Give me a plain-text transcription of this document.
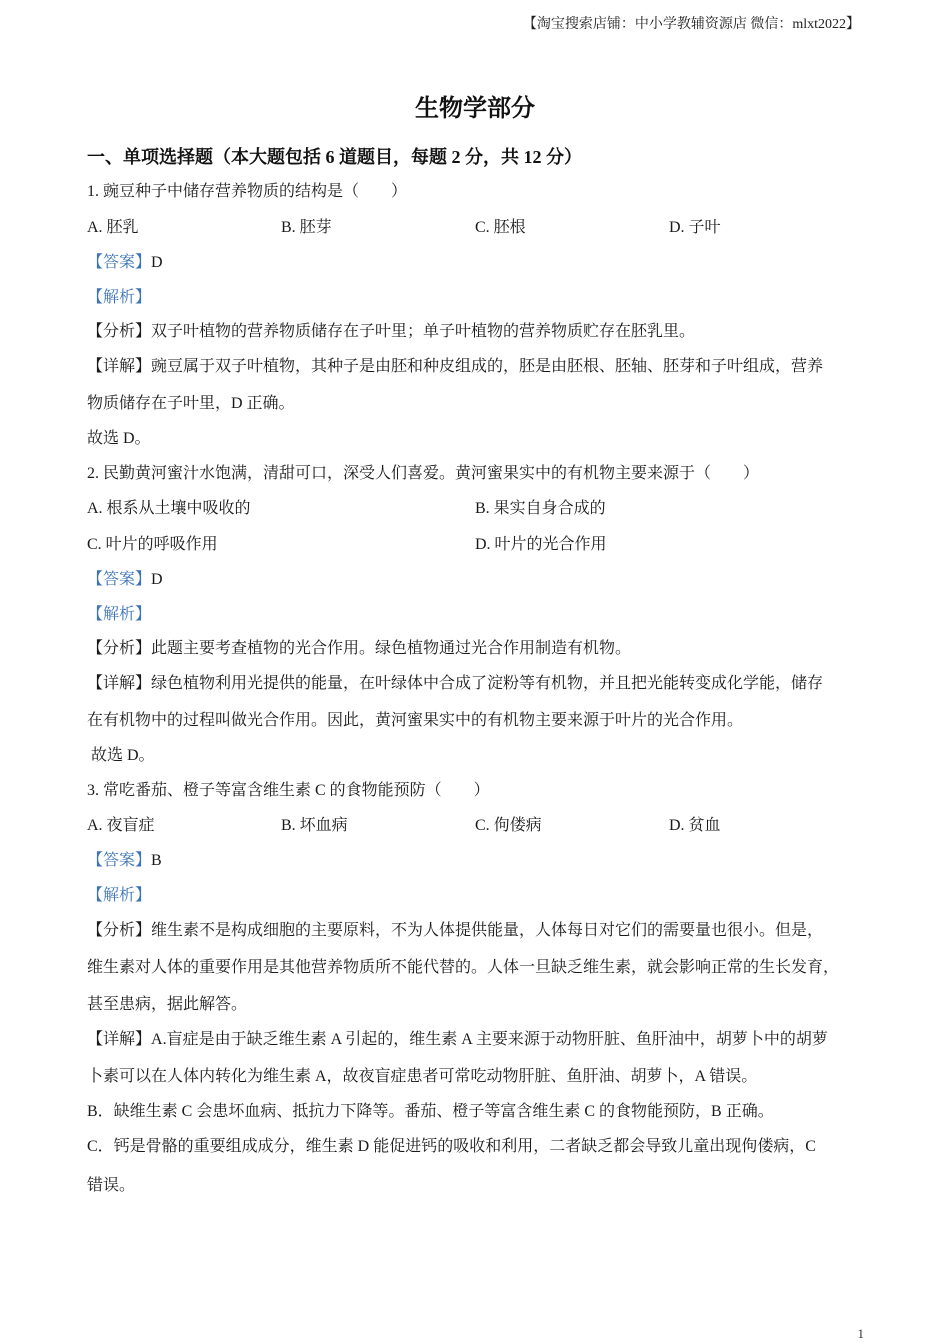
【淘宝搜索店铺：中小学教辅资源店 微信：mlxt2022】
生物学部分
一、单项选择题（本大题包括 6 道题目，每题 2 分，共 12 分）
1. 豌豆种子中储存营养物质的结构是（　　）
A. 胚乳	B. 胚芽	C. 胚根	D. 子叶
【答案】D
【解析】
【分析】双子叶植物的营养物质储存在子叶里；单子叶植物的营养物质贮存在胚乳里。
【详解】豌豆属于双子叶植物，其种子是由胚和种皮组成的，胚是由胚根、胚轴、胚芽和子叶组成，营养
物质储存在子叶里，D 正确。
故选 D。
2. 民勤黄河蜜汁水饱满，清甜可口，深受人们喜爱。黄河蜜果实中的有机物主要来源于（　　）
A. 根系从土壤中吸收的	B. 果实自身合成的
C. 叶片的呼吸作用	D. 叶片的光合作用
【答案】D
【解析】
【分析】此题主要考查植物的光合作用。绿色植物通过光合作用制造有机物。
【详解】绿色植物利用光提供的能量，在叶绿体中合成了淀粉等有机物，并且把光能转变成化学能，储存
在有机物中的过程叫做光合作用。因此，黄河蜜果实中的有机物主要来源于叶片的光合作用。
故选 D。
3. 常吃番茄、橙子等富含维生素 C 的食物能预防（　　）
A. 夜盲症	B. 坏血病	C. 佝偻病	D. 贫血
【答案】B
【解析】
【分析】维生素不是构成细胞的主要原料，不为人体提供能量，人体每日对它们的需要量也很小。但是，
维生素对人体的重要作用是其他营养物质所不能代替的。人体一旦缺乏维生素，就会影响正常的生长发育，
甚至患病，据此解答。
【详解】A.盲症是由于缺乏维生素 A 引起的，维生素 A 主要来源于动物肝脏、鱼肝油中，胡萝卜中的胡萝
卜素可以在人体内转化为维生素 A，故夜盲症患者可常吃动物肝脏、鱼肝油、胡萝卜，A 错误。
B．缺维生素 C 会患坏血病、抵抗力下降等。番茄、橙子等富含维生素 C 的食物能预防，B 正确。
C．钙是骨骼的重要组成成分，维生素 D 能促进钙的吸收和利用，二者缺乏都会导致儿童出现佝偻病，C
错误。
1
